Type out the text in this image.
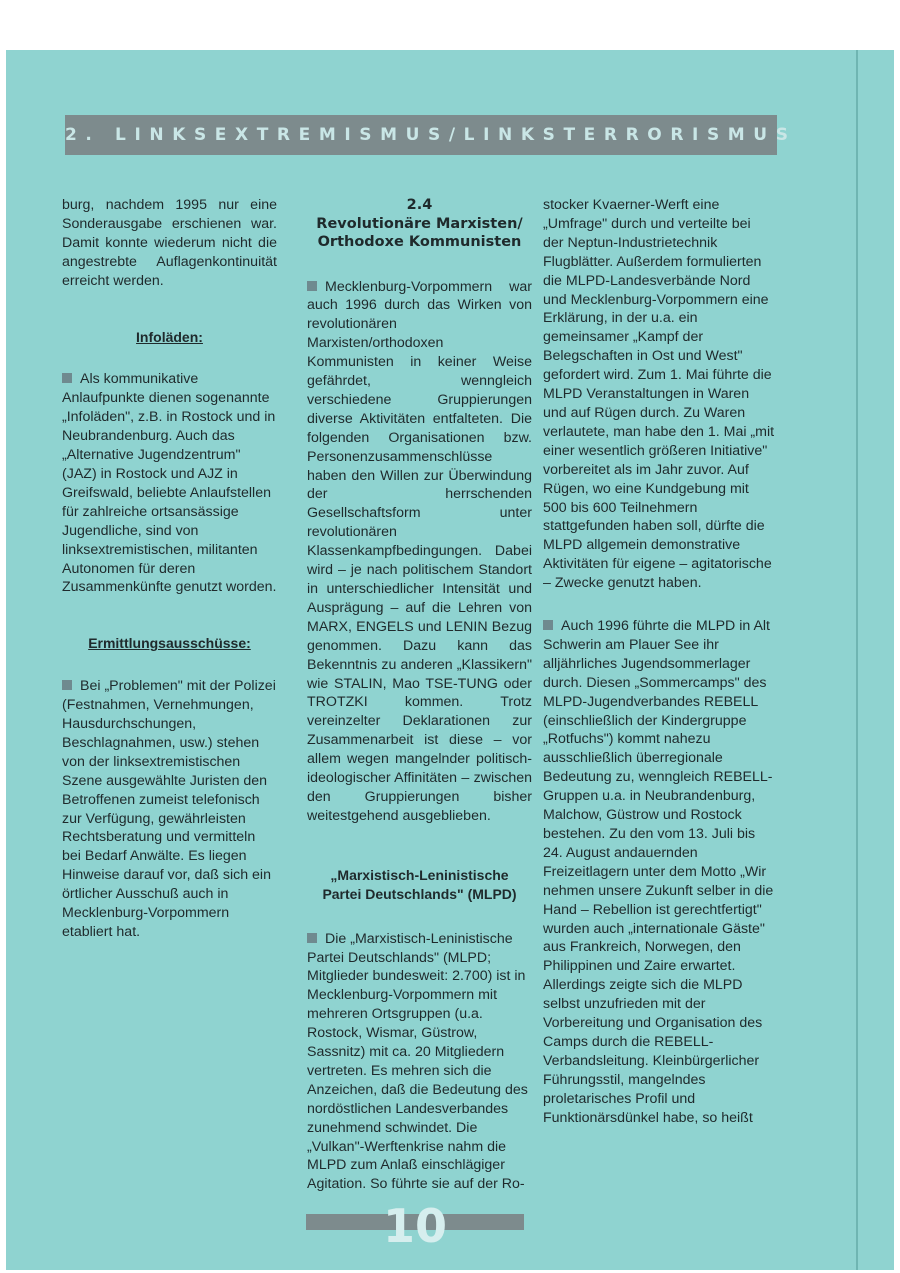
2. LINKSEXTREMISMUS/LINKSTERRORISMUS

burg, nachdem 1995 nur eine Sonderausgabe erschienen war. Damit konnte wiederum nicht die angestrebte Auflagenkontinuität erreicht werden.

Infoläden:

Als kommunikative Anlaufpunkte dienen sogenannte „Infoläden", z.B. in Rostock und in Neubrandenburg. Auch das „Alternative Jugendzentrum" (JAZ) in Rostock und AJZ in Greifswald, beliebte Anlaufstellen für zahlreiche ortsansässige Jugendliche, sind von linksextremistischen, militanten Autonomen für deren Zusammenkünfte genutzt worden.

Ermittlungsausschüsse:

Bei „Problemen" mit der Polizei (Festnahmen, Vernehmungen, Hausdurchschungen, Beschlagnahmen, usw.) stehen von der linksextremistischen Szene ausgewählte Juristen den Betroffenen zumeist telefonisch zur Verfügung, gewährleisten Rechtsberatung und vermitteln bei Bedarf Anwälte. Es liegen Hinweise darauf vor, daß sich ein örtlicher Ausschuß auch in Mecklenburg-Vorpommern etabliert hat.

2.4
Revolutionäre Marxisten/
Orthodoxe Kommunisten

Mecklenburg-Vorpommern war auch 1996 durch das Wirken von revolutionären Marxisten/orthodoxen Kommunisten in keiner Weise gefährdet, wenngleich verschiedene Gruppierungen diverse Aktivitäten entfalteten. Die folgenden Organisationen bzw. Personenzusammenschlüsse haben den Willen zur Überwindung der herrschenden Gesellschaftsform unter revolutionären Klassenkampfbedingungen. Dabei wird – je nach politischem Standort in unterschiedlicher Intensität und Ausprägung – auf die Lehren von MARX, ENGELS und LENIN Bezug genommen. Dazu kann das Bekenntnis zu anderen „Klassikern" wie STALIN, Mao TSE-TUNG oder TROTZKI kommen. Trotz vereinzelter Deklarationen zur Zusammenarbeit ist diese – vor allem wegen mangelnder politisch-ideologischer Affinitäten – zwischen den Gruppierungen bisher weitestgehend ausgeblieben.

„Marxistisch-Leninistische
Partei Deutschlands" (MLPD)

Die „Marxistisch-Leninistische Partei Deutschlands" (MLPD; Mitglieder bundesweit: 2.700) ist in Mecklenburg-Vorpommern mit mehreren Ortsgruppen (u.a. Rostock, Wismar, Güstrow, Sassnitz) mit ca. 20 Mitgliedern vertreten. Es mehren sich die Anzeichen, daß die Bedeutung des nordöstlichen Landesverbandes zunehmend schwindet. Die „Vulkan"-Werftenkrise nahm die MLPD zum Anlaß einschlägiger Agitation. So führte sie auf der Ro-

stocker Kvaerner-Werft eine „Umfrage" durch und verteilte bei der Neptun-Industrietechnik Flugblätter. Außerdem formulierten die MLPD-Landesverbände Nord und Mecklenburg-Vorpommern eine Erklärung, in der u.a. ein gemeinsamer „Kampf der Belegschaften in Ost und West" gefordert wird. Zum 1. Mai führte die MLPD Veranstaltungen in Waren und auf Rügen durch. Zu Waren verlautete, man habe den 1. Mai „mit einer wesentlich größeren Initiative" vorbereitet als im Jahr zuvor. Auf Rügen, wo eine Kundgebung mit 500 bis 600 Teilnehmern stattgefunden haben soll, dürfte die MLPD allgemein demonstrative Aktivitäten für eigene – agitatorische – Zwecke genutzt haben.

Auch 1996 führte die MLPD in Alt Schwerin am Plauer See ihr alljährliches Jugendsommerlager durch. Diesen „Sommercamps" des MLPD-Jugendverbandes REBELL (einschließlich der Kindergruppe „Rotfuchs") kommt nahezu ausschließlich überregionale Bedeutung zu, wenngleich REBELL-Gruppen u.a. in Neubrandenburg, Malchow, Güstrow und Rostock bestehen. Zu den vom 13. Juli bis 24. August andauernden Freizeitlagern unter dem Motto „Wir nehmen unsere Zukunft selber in die Hand – Rebellion ist gerechtfertigt" wurden auch „internationale Gäste" aus Frankreich, Norwegen, den Philippinen und Zaire erwartet. Allerdings zeigte sich die MLPD selbst unzufrieden mit der Vorbereitung und Organisation des Camps durch die REBELL-Verbandsleitung. Kleinbürgerlicher Führungsstil, mangelndes proletarisches Profil und Funktionärsdünkel habe, so heißt

10
